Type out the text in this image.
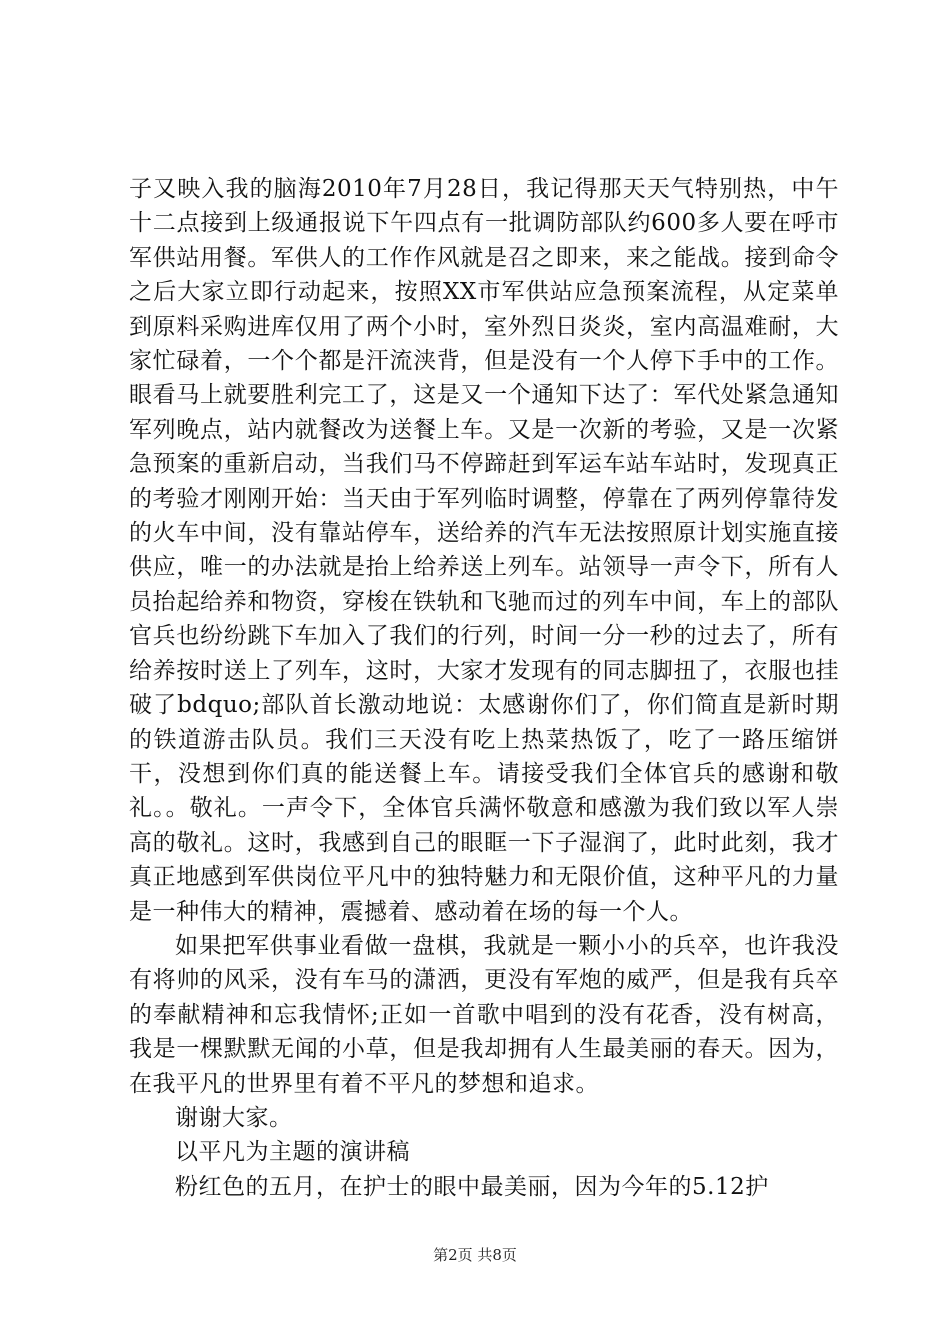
子又映入我的脑海2010年7月28日，我记得那天天气特别热，中午十二点接到上级通报说下午四点有一批调防部队约600多人要在呼市军供站用餐。军供人的工作作风就是召之即来，来之能战。接到命令之后大家立即行动起来，按照XX市军供站应急预案流程，从定菜单到原料采购进库仅用了两个小时，室外烈日炎炎，室内高温难耐，大家忙碌着，一个个都是汗流浃背，但是没有一个人停下手中的工作。眼看马上就要胜利完工了，这是又一个通知下达了：军代处紧急通知军列晚点，站内就餐改为送餐上车。又是一次新的考验，又是一次紧急预案的重新启动，当我们马不停蹄赶到军运车站车站时，发现真正的考验才刚刚开始：当天由于军列临时调整，停靠在了两列停靠待发的火车中间，没有靠站停车，送给养的汽车无法按照原计划实施直接供应，唯一的办法就是抬上给养送上列车。站领导一声令下，所有人员抬起给养和物资，穿梭在铁轨和飞驰而过的列车中间，车上的部队官兵也纷纷跳下车加入了我们的行列，时间一分一秒的过去了，所有给养按时送上了列车，这时，大家才发现有的同志脚扭了，衣服也挂破了bdquo;部队首长激动地说：太感谢你们了，你们简直是新时期的铁道游击队员。我们三天没有吃上热菜热饭了，吃了一路压缩饼干，没想到你们真的能送餐上车。请接受我们全体官兵的感谢和敬礼。。敬礼。一声令下，全体官兵满怀敬意和感激为我们致以军人崇高的敬礼。这时，我感到自己的眼眶一下子湿润了，此时此刻，我才真正地感到军供岗位平凡中的独特魅力和无限价值，这种平凡的力量是一种伟大的精神，震撼着、感动着在场的每一个人。

如果把军供事业看做一盘棋，我就是一颗小小的兵卒，也许我没有将帅的风采，没有车马的潇洒，更没有军炮的威严，但是我有兵卒的奉献精神和忘我情怀;正如一首歌中唱到的没有花香，没有树高，我是一棵默默无闻的小草，但是我却拥有人生最美丽的春天。因为，在我平凡的世界里有着不平凡的梦想和追求。

谢谢大家。

以平凡为主题的演讲稿

粉红色的五月，在护士的眼中最美丽，因为今年的5.12护

第2页 共8页
